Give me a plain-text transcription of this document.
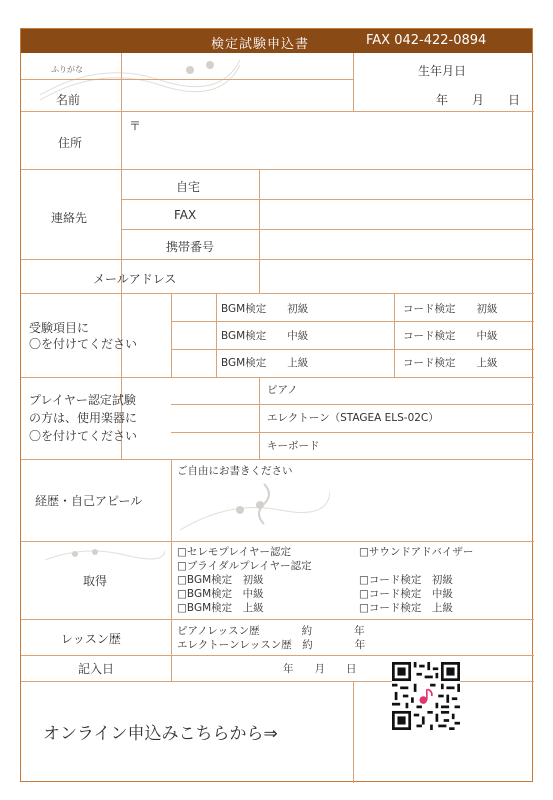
検定試験申込書	FAX 042-422-0894
ふりがな
名前
生年月日
年　　月　　日
住所
〒
連絡先
自宅
FAX
携帯番号
メールアドレス
受験項目に
〇を付けてください
BGM検定　　初級
BGM検定　　中級
BGM検定　　上級
コード検定　　初級
コード検定　　中級
コード検定　　上級
プレイヤー認定試験
の方は、使用楽器に
〇を付けてください
ピアノ
エレクトーン（STAGEA ELS-02C）
キーボード
経歴・自己アピール
ご自由にお書きください
取得
□セレモプレイヤー認定
□ブライダルプレイヤー認定
□BGM検定　初級
□BGM検定　中級
□BGM検定　上級
□サウンドアドバイザー
□コード検定　初級
□コード検定　中級
□コード検定　上級
レッスン歴
ピアノレッスン歴　　　　約　　　　年
エレクトーンレッスン歴　約　　　　年
記入日	年　　月　　日
オンライン申込みこちらから⇒
